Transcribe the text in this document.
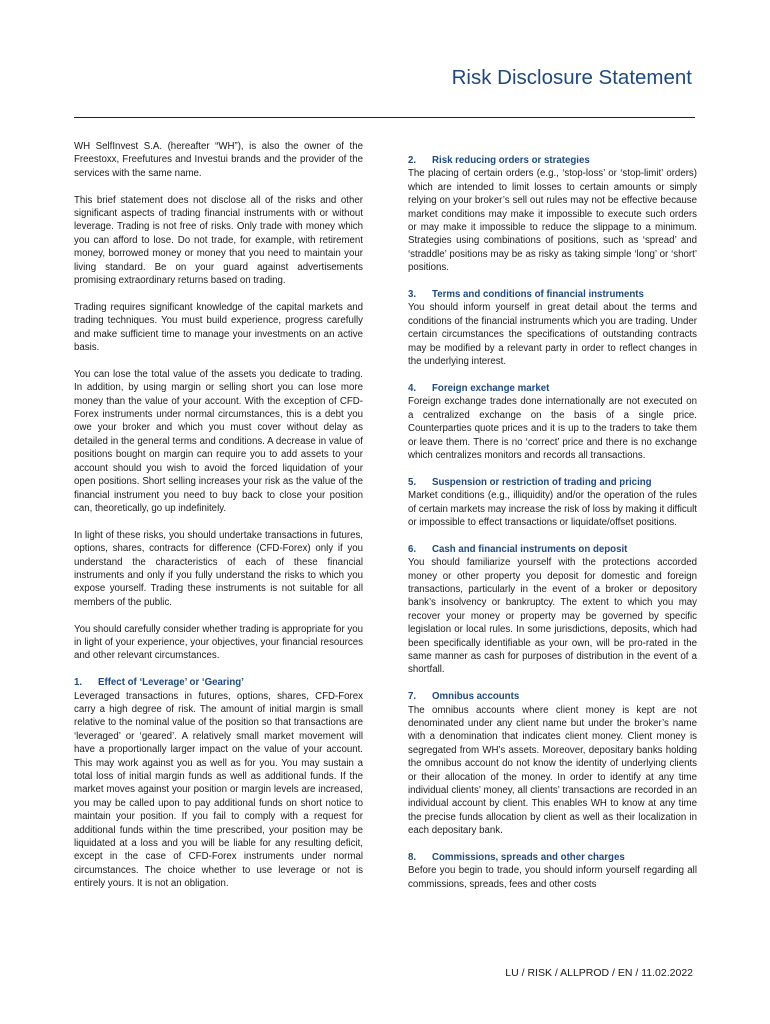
Risk Disclosure Statement

WH SelfInvest S.A. (hereafter “WH”), is also the owner of the Freestoxx, Freefutures and Investui brands and the provider of the services with the same name.

This brief statement does not disclose all of the risks and other significant aspects of trading financial instruments with or without leverage. Trading is not free of risks. Only trade with money which you can afford to lose. Do not trade, for example, with retirement money, borrowed money or money that you need to maintain your living standard. Be on your guard against advertisements promising extraordinary returns based on trading.

Trading requires significant knowledge of the capital markets and trading techniques. You must build experience, progress carefully and make sufficient time to manage your investments on an active basis.

You can lose the total value of the assets you dedicate to trading. In addition, by using margin or selling short you can lose more money than the value of your account. With the exception of CFD-Forex instruments under normal circumstances, this is a debt you owe your broker and which you must cover without delay as detailed in the general terms and conditions. A decrease in value of positions bought on margin can require you to add assets to your account should you wish to avoid the forced liquidation of your open positions. Short selling increases your risk as the value of the financial instrument you need to buy back to close your position can, theoretically, go up indefinitely.

In light of these risks, you should undertake transactions in futures, options, shares, contracts for difference (CFD-Forex) only if you understand the characteristics of each of these financial instruments and only if you fully understand the risks to which you expose yourself. Trading these instruments is not suitable for all members of the public.

You should carefully consider whether trading is appropriate for you in light of your experience, your objectives, your financial resources and other relevant circumstances.

1. Effect of ‘Leverage’ or ‘Gearing’

Leveraged transactions in futures, options, shares, CFD-Forex carry a high degree of risk. The amount of initial margin is small relative to the nominal value of the position so that transactions are ‘leveraged’ or ‘geared’. A relatively small market movement will have a proportionally larger impact on the value of your account. This may work against you as well as for you. You may sustain a total loss of initial margin funds as well as additional funds. If the market moves against your position or margin levels are increased, you may be called upon to pay additional funds on short notice to maintain your position. If you fail to comply with a request for additional funds within the time prescribed, your position may be liquidated at a loss and you will be liable for any resulting deficit, except in the case of CFD-Forex instruments under normal circumstances. The choice whether to use leverage or not is entirely yours. It is not an obligation.

2. Risk reducing orders or strategies

The placing of certain orders (e.g., ‘stop-loss’ or ‘stop-limit’ orders) which are intended to limit losses to certain amounts or simply relying on your broker’s sell out rules may not be effective because market conditions may make it impossible to execute such orders or may make it impossible to reduce the slippage to a minimum. Strategies using combinations of positions, such as ‘spread’ and ‘straddle’ positions may be as risky as taking simple ‘long’ or ‘short’ positions.

3. Terms and conditions of financial instruments

You should inform yourself in great detail about the terms and conditions of the financial instruments which you are trading. Under certain circumstances the specifications of outstanding contracts may be modified by a relevant party in order to reflect changes in the underlying interest.

4. Foreign exchange market

Foreign exchange trades done internationally are not executed on a centralized exchange on the basis of a single price. Counterparties quote prices and it is up to the traders to take them or leave them. There is no ‘correct’ price and there is no exchange which centralizes monitors and records all transactions.

5. Suspension or restriction of trading and pricing

Market conditions (e.g., illiquidity) and/or the operation of the rules of certain markets may increase the risk of loss by making it difficult or impossible to effect transactions or liquidate/offset positions.

6. Cash and financial instruments on deposit

You should familiarize yourself with the protections accorded money or other property you deposit for domestic and foreign transactions, particularly in the event of a broker or depository bank’s insolvency or bankruptcy. The extent to which you may recover your money or property may be governed by specific legislation or local rules. In some jurisdictions, deposits, which had been specifically identifiable as your own, will be pro-rated in the same manner as cash for purposes of distribution in the event of a shortfall.

7. Omnibus accounts

The omnibus accounts where client money is kept are not denominated under any client name but under the broker’s name with a denomination that indicates client money. Client money is segregated from WH’s assets. Moreover, depositary banks holding the omnibus account do not know the identity of underlying clients or their allocation of the money. In order to identify at any time individual clients’ money, all clients’ transactions are recorded in an individual account by client. This enables WH to know at any time the precise funds allocation by client as well as their localization in each depositary bank.

8. Commissions, spreads and other charges

Before you begin to trade, you should inform yourself regarding all commissions, spreads, fees and other costs

LU / RISK / ALLPROD / EN / 11.02.2022
